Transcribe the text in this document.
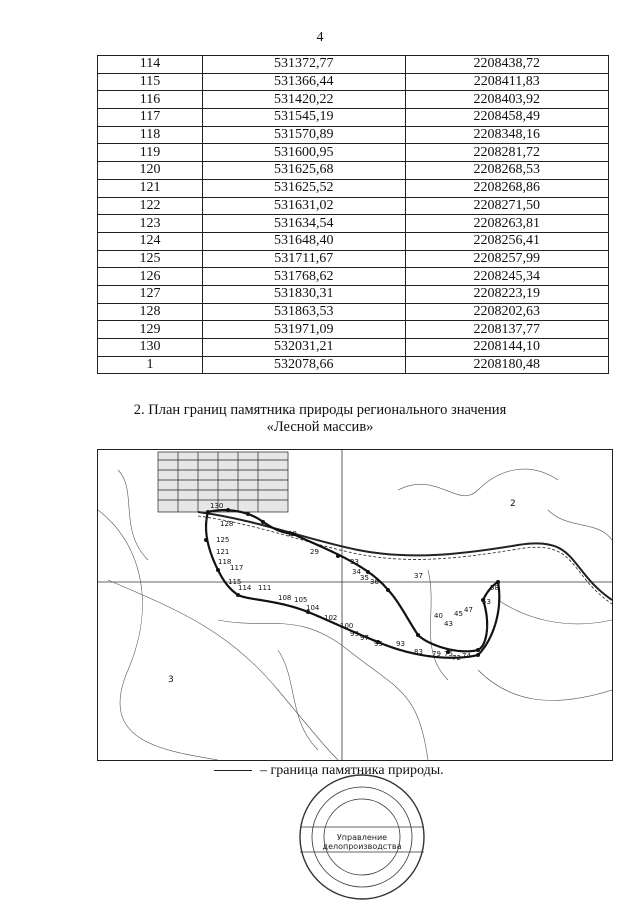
4
114	531372,77	2208438,72
115	531366,44	2208411,83
116	531420,22	2208403,92
117	531545,19	2208458,49
118	531570,89	2208348,16
119	531600,95	2208281,72
120	531625,68	2208268,53
121	531625,52	2208268,86
122	531631,02	2208271,50
123	531634,54	2208263,81
124	531648,40	2208256,41
125	531711,67	2208257,99
126	531768,62	2208245,34
127	531830,31	2208223,19
128	531863,53	2208202,63
129	531971,09	2208137,77
130	532031,21	2208144,10
1	532078,66	2208180,48
2. План границ памятника природы регионального значения
«Лесной массив»
130
128
125
121
118
117
115
114 111
108 105
104
102
100
99 97
95 93
83 79 75 74
72
58
53
47
45
43
40
37
36
35
34
33
29
28
2
3
– граница памятника природы.
Управление
делопроизводства
